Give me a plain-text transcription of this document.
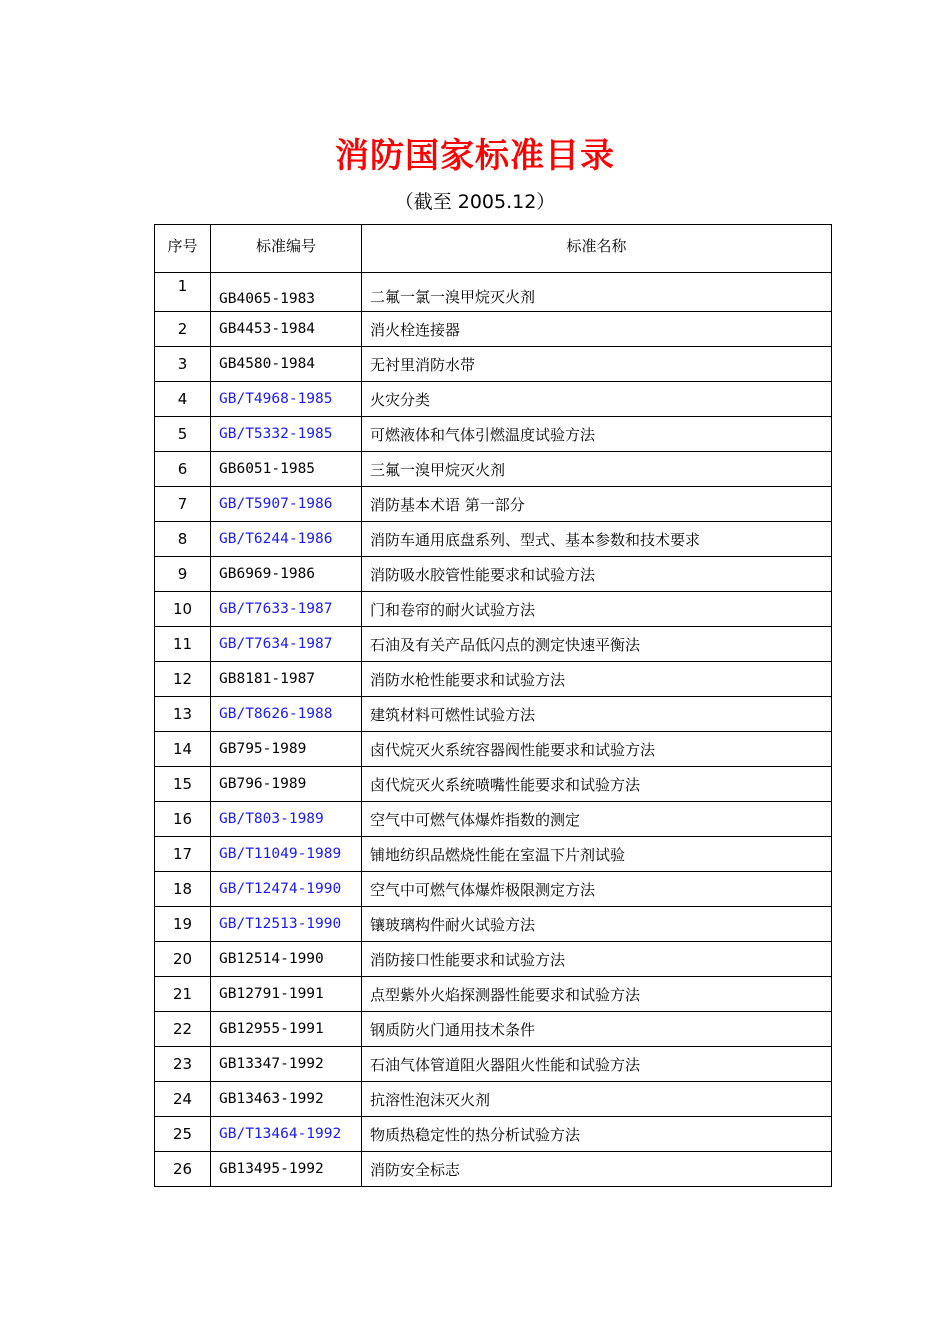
消防国家标准目录
（截至 2005.12）
序号	标准编号	标准名称
1	GB4065-1983	二氟一氯一溴甲烷灭火剂
2	GB4453-1984	消火栓连接器
3	GB4580-1984	无衬里消防水带
4	GB/T4968-1985	火灾分类
5	GB/T5332-1985	可燃液体和气体引燃温度试验方法
6	GB6051-1985	三氟一溴甲烷灭火剂
7	GB/T5907-1986	消防基本术语 第一部分
8	GB/T6244-1986	消防车通用底盘系列、型式、基本参数和技术要求
9	GB6969-1986	消防吸水胶管性能要求和试验方法
10	GB/T7633-1987	门和卷帘的耐火试验方法
11	GB/T7634-1987	石油及有关产品低闪点的测定快速平衡法
12	GB8181-1987	消防水枪性能要求和试验方法
13	GB/T8626-1988	建筑材料可燃性试验方法
14	GB795-1989	卤代烷灭火系统容器阀性能要求和试验方法
15	GB796-1989	卤代烷灭火系统喷嘴性能要求和试验方法
16	GB/T803-1989	空气中可燃气体爆炸指数的测定
17	GB/T11049-1989	铺地纺织品燃烧性能在室温下片剂试验
18	GB/T12474-1990	空气中可燃气体爆炸极限测定方法
19	GB/T12513-1990	镶玻璃构件耐火试验方法
20	GB12514-1990	消防接口性能要求和试验方法
21	GB12791-1991	点型紫外火焰探测器性能要求和试验方法
22	GB12955-1991	钢质防火门通用技术条件
23	GB13347-1992	石油气体管道阻火器阻火性能和试验方法
24	GB13463-1992	抗溶性泡沫灭火剂
25	GB/T13464-1992	物质热稳定性的热分析试验方法
26	GB13495-1992	消防安全标志
